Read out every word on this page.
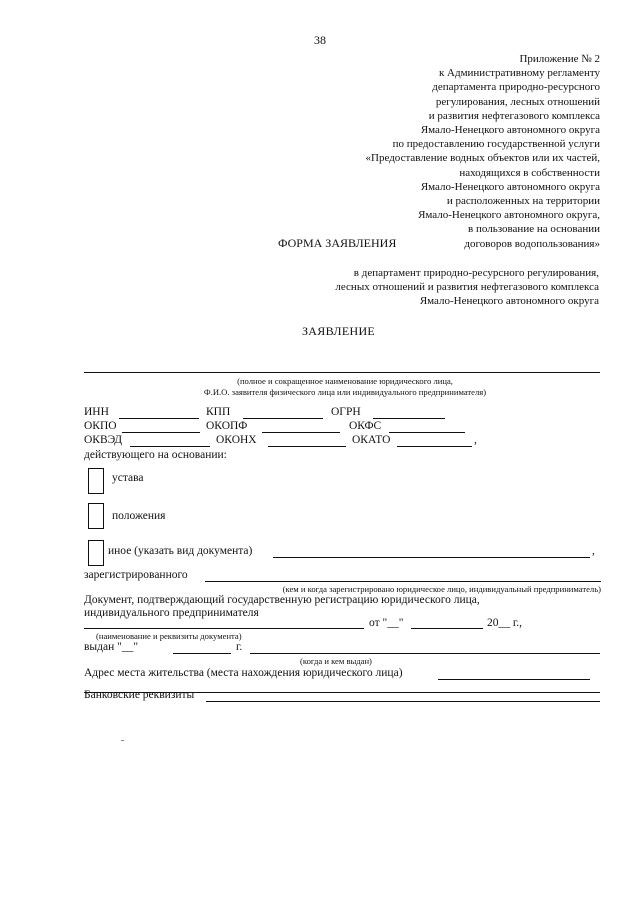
38
Приложение № 2
к Административному регламенту
департамента природно-ресурсного
регулирования, лесных отношений
и развития нефтегазового комплекса
Ямало-Ненецкого автономного округа
по предоставлению государственной услуги
«Предоставление водных объектов или их частей,
находящихся в собственности
Ямало-Ненецкого автономного округа
и расположенных на территории
Ямало-Ненецкого автономного округа,
в пользование на основании
договоров водопользования»
ФОРМА ЗАЯВЛЕНИЯ
в департамент природно-ресурсного регулирования,
лесных отношений и развития нефтегазового комплекса
Ямало-Ненецкого автономного округа
ЗАЯВЛЕНИЕ
(полное и сокращенное наименование юридического лица,
Ф.И.О. заявителя физического лица или индивидуального предпринимателя)
ИНН	КПП	ОГРН
ОКПО	ОКОПФ	ОКФС
ОКВЭД	ОКОНХ	ОКАТО	,
действующего на основании:
устава
положения
иное (указать вид документа)	,
зарегистрированного
(кем и когда зарегистрировано юридическое лицо, индивидуальный предприниматель)
Документ, подтверждающий государственную регистрацию юридического лица,
индивидуального предпринимателя
от "__"	20__ г.,
(наименование и реквизиты документа)
выдан "__"	г.
(когда и кем выдан)
Адрес места жительства (места нахождения юридического лица)
Банковские реквизиты
